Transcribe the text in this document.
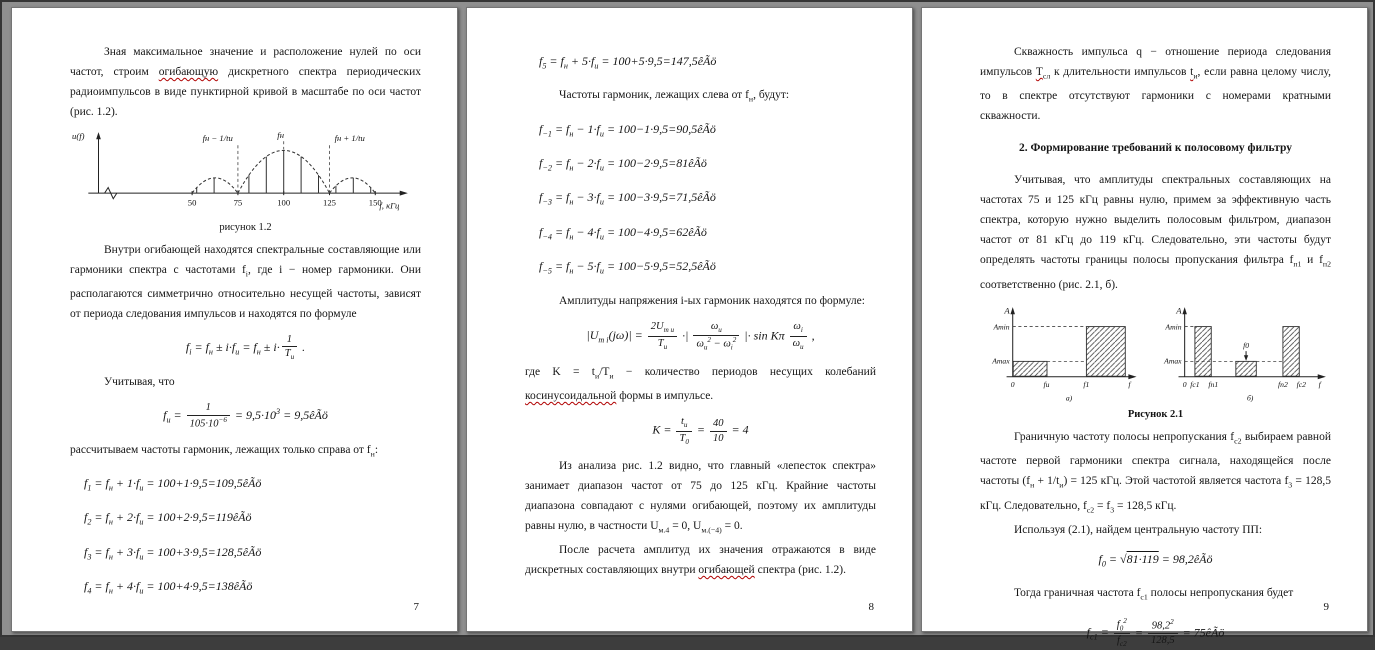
Зная максимальное значение и расположение нулей по оси частот, строим огибающую дискретного спектра периодических радиоимпульсов в виде пунктирной кривой в масштабе по оси частот (рис. 1.2).

u(f)
f, кГц
fн − 1/tи	fн	fн + 1/tи
50	75	100	125	150
рисунок 1.2

Внутри огибающей находятся спектральные составляющие или гармоники спектра с частотами $f_i$, где i − номер гармоники. Они располагаются симметрично относительно несущей частоты, зависят от периода следования импульсов и находятся по формуле

$f_i = f_н \pm i\cdot f_и = f_н \pm i\cdot \frac{1}{T_и}$ .

Учитывая, что

$f_и = \frac{1}{105\cdot 10^{-6}} = 9,5\cdot 10^3$ = 9,5êÃö

рассчитываем частоты гармоник, лежащих только справа от $f_н$:

$f_1 = f_н + 1\cdot f_и$ = 100+1·9,5=109,5êÃö
$f_2 = f_н + 2\cdot f_и$ = 100+2·9,5=119êÃö
$f_3 = f_н + 3\cdot f_и$ = 100+3·9,5=128,5êÃö
$f_4 = f_н + 4\cdot f_и$ = 100+4·9,5=138êÃö
7
$f_5 = f_н + 5\cdot f_и$ = 100+5·9,5=147,5êÃö

Частоты гармоник, лежащих слева от $f_н$, будут:

$f_{-1} = f_н - 1\cdot f_и$ = 100−1·9,5=90,5êÃö
$f_{-2} = f_н - 2\cdot f_и$ = 100−2·9,5=81êÃö
$f_{-3} = f_н - 3\cdot f_и$ = 100−3·9,5=71,5êÃö
$f_{-4} = f_н - 4\cdot f_и$ = 100−4·9,5=62êÃö
$f_{-5} = f_н - 5\cdot f_и$ = 100−5·9,5=52,5êÃö

Амплитуды напряжения i-ых гармоник находятся по формуле:

$|U_{т i}(j\omega)| = \frac{2U_{т и}}{T_и}$ ·| $\frac{\omega_и}{\omega_и^2 - \omega_i^2}$ |· sin Kπ $\frac{\omega_i}{\omega_и}$ ,

где $K = t_и/T_и$ − количество периодов несущих колебаний косинусоидальной формы в импульсе.

$K = \frac{t_и}{T_0} = \frac{40}{10} = 4$

Из анализа рис. 1.2 видно, что главный «лепесток спектра» занимает диапазон частот от 75 до 125 кГц. Крайние частоты диапазона совпадают с нулями огибающей, поэтому их амплитуды равны нулю, в частности $U_{м.4} = 0$, $U_{м.(-4)} = 0$.

После расчета амплитуд их значения отражаются в виде дискретных составляющих внутри огибающей спектра (рис. 1.2).

8

Скважность импульса q − отношение периода следования импульсов $Т_{сл}$ к длительности импульсов $t_и$, если равна целому числу, то в спектре отсутствуют гармоники с номерами кратными скважности.

2. Формирование требований к полосовому фильтру

Учитывая, что амплитуды спектральных составляющих на частотах 75 и 125 кГц равны нулю, примем за эффективную часть спектра, которую нужно выделить полосовым фильтром, диапазон частот от 81 кГц до 119 кГц. Следовательно, эти частоты будут определять частоты границы полосы пропускания фильтра $f_{п1}$ и $f_{п2}$ соответственно (рис. 2.1, б).

A
Amin
Amax
0	fи	f1	f
а)
A
Amin
Amax
f0
0 fс1 fп1	fп2 fс2 f
б)
Рисунок 2.1

Граничную частоту полосы непропускания $f_{с2}$ выбираем равной частоте первой гармоники спектра сигнала, находящейся после частоты $(f_н + 1/t_и) = 125$ кГц. Этой частотой является частота $f_3 = 128,5$ кГц. Следовательно, $f_{с2} = f_3 = 128,5$ кГц.

Используя (2.1), найдем центральную частоту ПП:

$f_0 = √81\cdot 119$ = 98,2êÃö

Тогда граничная частота $f_{с1}$ полосы непропускания будет

$f_{с1} = \frac{f_0^2}{f_{с2}} = \frac{98,2^2}{128,5}$ = 75êÃö
9
